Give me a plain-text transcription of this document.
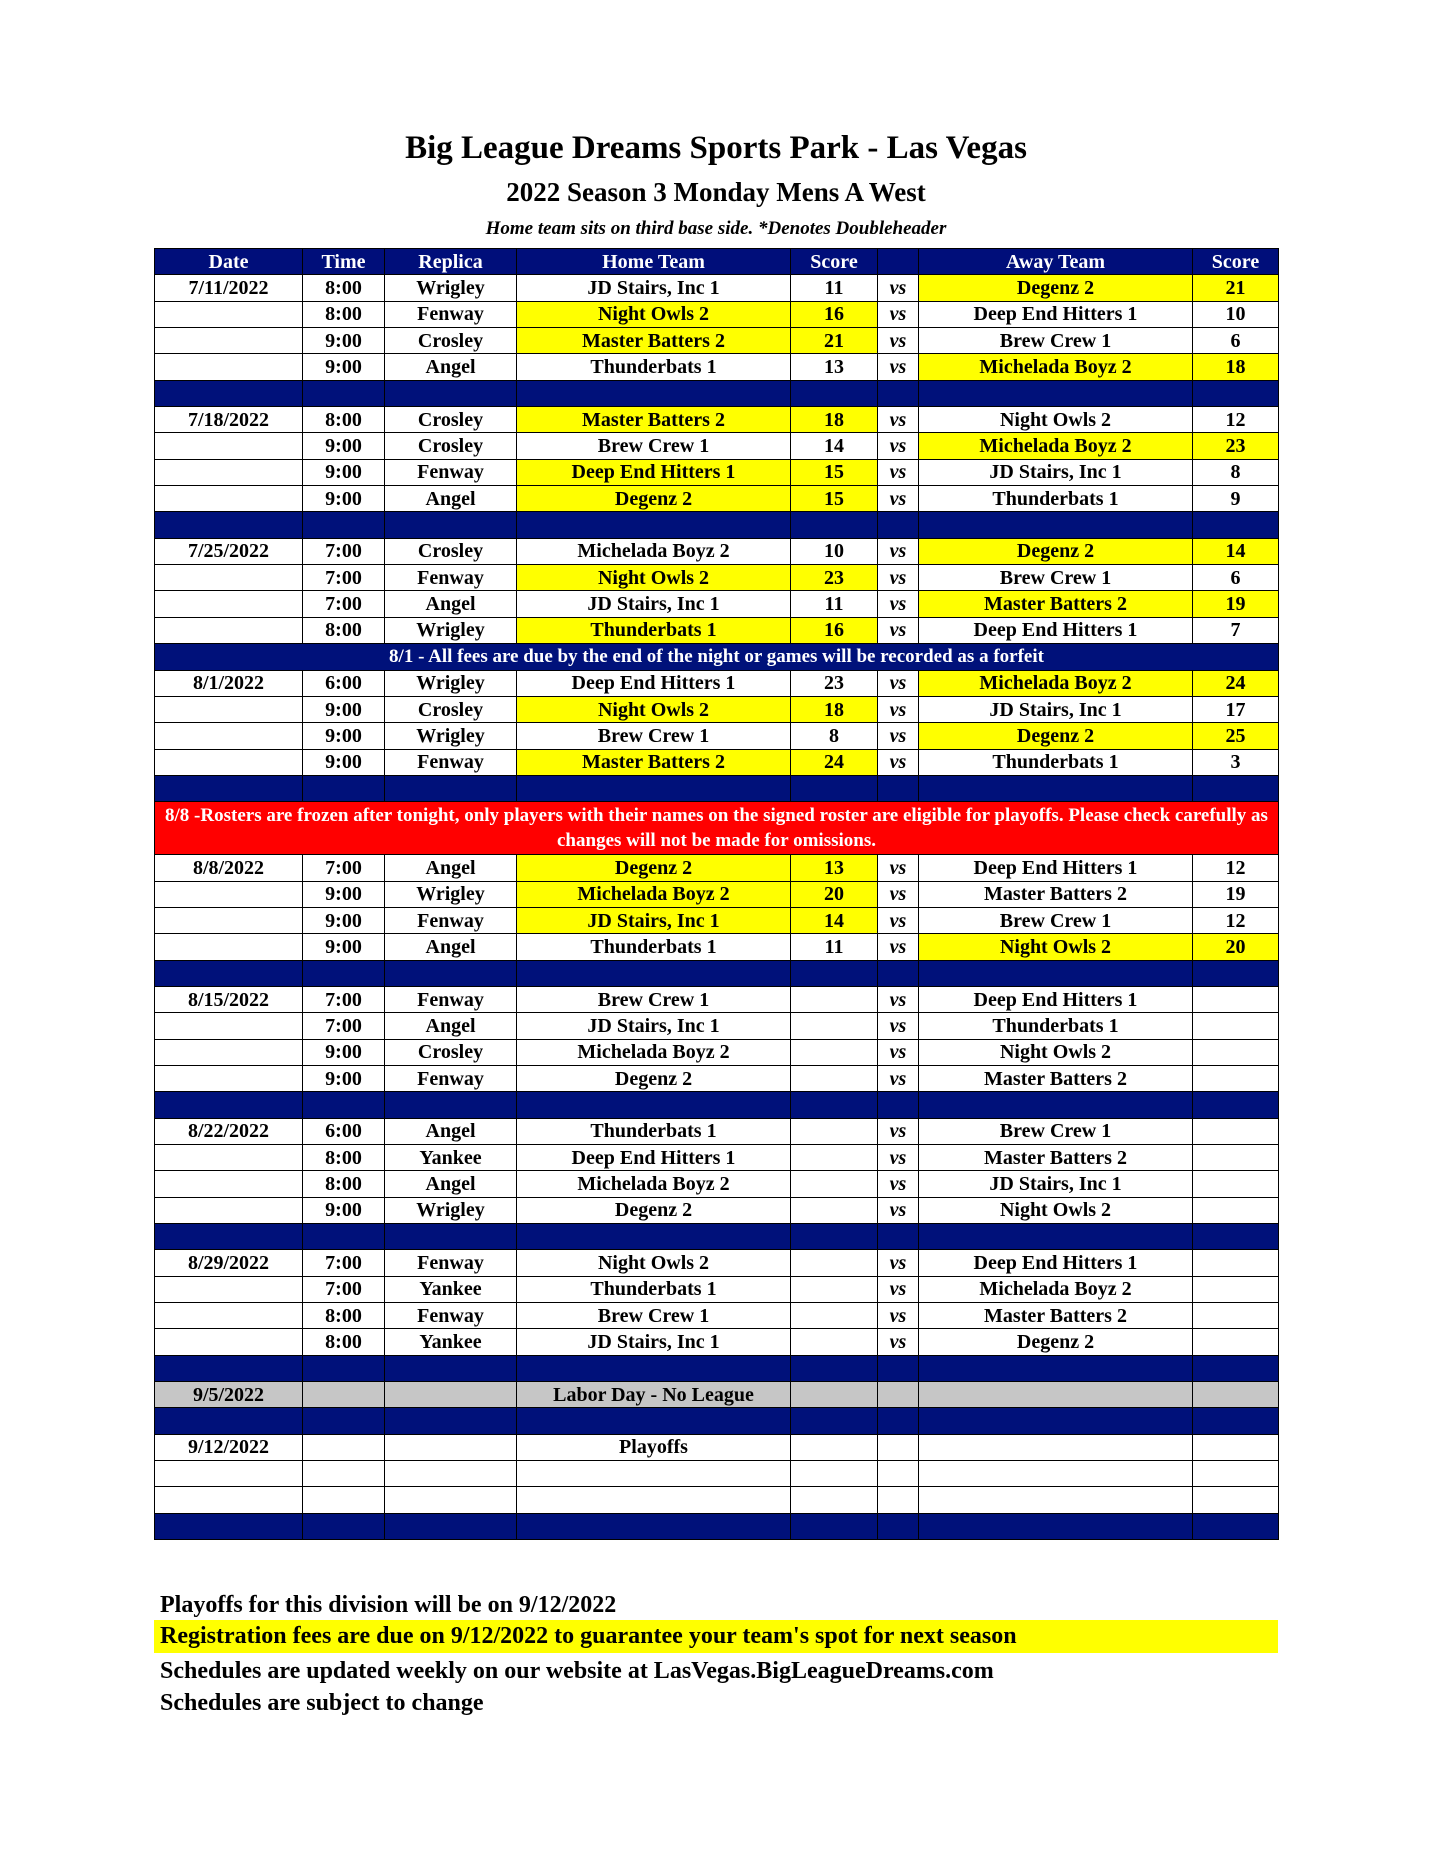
Big League Dreams Sports Park - Las Vegas
2022 Season 3 Monday Mens A West
Home team sits on third base side. *Denotes Doubleheader
Date	Time	Replica	Home Team	Score		Away Team	Score
7/11/2022	8:00	Wrigley	JD Stairs, Inc 1	11	vs	Degenz 2	21
	8:00	Fenway	Night Owls 2	16	vs	Deep End Hitters 1	10
	9:00	Crosley	Master Batters 2	21	vs	Brew Crew 1	6
	9:00	Angel	Thunderbats 1	13	vs	Michelada Boyz 2	18

7/18/2022	8:00	Crosley	Master Batters 2	18	vs	Night Owls 2	12
	9:00	Crosley	Brew Crew 1	14	vs	Michelada Boyz 2	23
	9:00	Fenway	Deep End Hitters 1	15	vs	JD Stairs, Inc 1	8
	9:00	Angel	Degenz 2	15	vs	Thunderbats 1	9

7/25/2022	7:00	Crosley	Michelada Boyz 2	10	vs	Degenz 2	14
	7:00	Fenway	Night Owls 2	23	vs	Brew Crew 1	6
	7:00	Angel	JD Stairs, Inc 1	11	vs	Master Batters 2	19
	8:00	Wrigley	Thunderbats 1	16	vs	Deep End Hitters 1	7
8/1 - All fees are due by the end of the night or games will be recorded as a forfeit							
8/1/2022	6:00	Wrigley	Deep End Hitters 1	23	vs	Michelada Boyz 2	24
	9:00	Crosley	Night Owls 2	18	vs	JD Stairs, Inc 1	17
	9:00	Wrigley	Brew Crew 1	8	vs	Degenz 2	25
	9:00	Fenway	Master Batters 2	24	vs	Thunderbats 1	3

8/8 -Rosters are frozen after tonight, only players with their names on the signed roster are eligible for playoffs. Please check carefully as changes will not be made for omissions.							
8/8/2022	7:00	Angel	Degenz 2	13	vs	Deep End Hitters 1	12
	9:00	Wrigley	Michelada Boyz 2	20	vs	Master Batters 2	19
	9:00	Fenway	JD Stairs, Inc 1	14	vs	Brew Crew 1	12
	9:00	Angel	Thunderbats 1	11	vs	Night Owls 2	20

8/15/2022	7:00	Fenway	Brew Crew 1		vs	Deep End Hitters 1	
	7:00	Angel	JD Stairs, Inc 1		vs	Thunderbats 1	
	9:00	Crosley	Michelada Boyz 2		vs	Night Owls 2	
	9:00	Fenway	Degenz 2		vs	Master Batters 2	

8/22/2022	6:00	Angel	Thunderbats 1		vs	Brew Crew 1	
	8:00	Yankee	Deep End Hitters 1		vs	Master Batters 2	
	8:00	Angel	Michelada Boyz 2		vs	JD Stairs, Inc 1	
	9:00	Wrigley	Degenz 2		vs	Night Owls 2	

8/29/2022	7:00	Fenway	Night Owls 2		vs	Deep End Hitters 1	
	7:00	Yankee	Thunderbats 1		vs	Michelada Boyz 2	
	8:00	Fenway	Brew Crew 1		vs	Master Batters 2	
	8:00	Yankee	JD Stairs, Inc 1		vs	Degenz 2	

9/5/2022			Labor Day - No League				

9/12/2022			Playoffs				

Playoffs for this division will be on 9/12/2022
Registration fees are due on 9/12/2022 to guarantee your team's spot for next season
Schedules are updated weekly on our website at LasVegas.BigLeagueDreams.com
Schedules are subject to change
